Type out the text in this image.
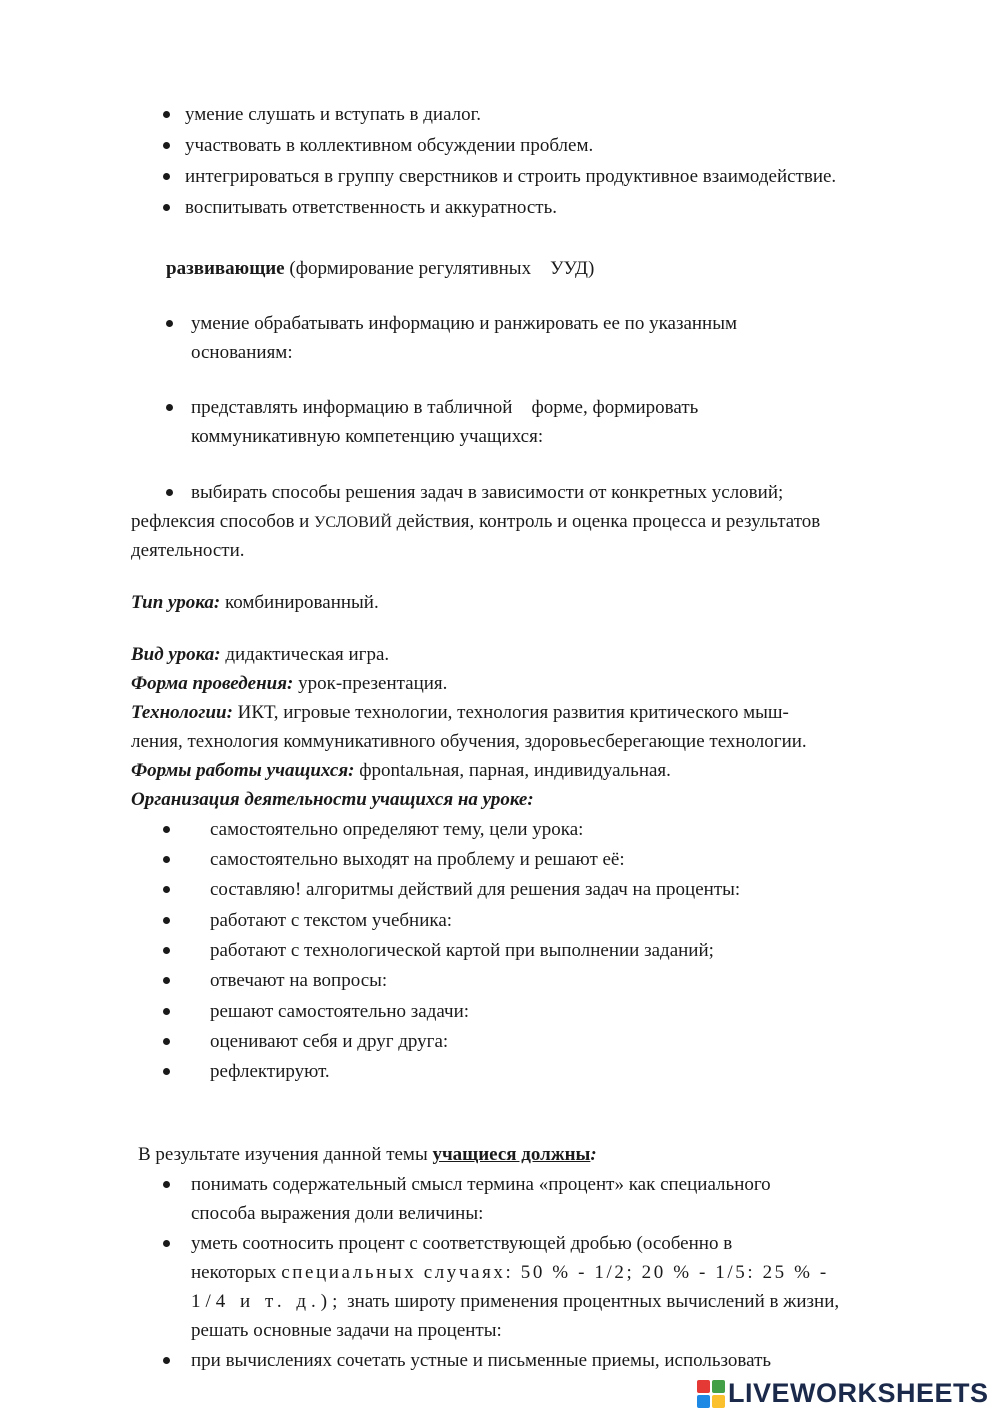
умение слушать и вступать в диалог.
участвовать в коллективном обсуждении проблем.
интегрироваться в группу сверстников и строить продуктивное взаимодействие.
воспитывать ответственность и аккуратность.
развивающие (формирование регулятивных    УУД)
умение обрабатывать информацию и ранжировать ее по указанным
основаниям:
представлять информацию в табличной    форме, формировать
коммуникативную компетенцию учащихся:
выбирать способы решения задач в зависимости от конкретных условий;
рефлексия способов и УСЛОВИЙ действия, контроль и оценка процесса и результатов
деятельности.
Тип урока: комбинированный.
Вид урока: дидактическая игра.
Форма проведения: урок-презентация.
Технологии: ИКТ, игровые технологии, технология развития критического мыш-
ления, технология коммуникативного обучения, здоровьесберегающие технологии.
Формы работы учащихся: фрontальная, парная, индивидуальная.
Организация деятельности учащихся на уроке:
самостоятельно определяют тему, цели урока:
самостоятельно выходят на проблему и решают её:
составляю! алгоритмы действий для решения задач на проценты:
работают с текстом учебника:
работают с технологической картой при выполнении заданий;
отвечают на вопросы:
решают самостоятельно задачи:
оценивают себя и друг друга:
рефлектируют.
В результате изучения данной темы учащиеся должны:
понимать содержательный смысл термина «процент» как специального
способа выражения доли величины:
уметь соотносить процент с соответствующей дробью (особенно в
некоторых специальных случаях: 50 % - 1/2; 20 % - 1/5: 25 % -
1/4 и т. д.); знать широту применения процентных вычислений в жизни,
решать основные задачи на проценты:
при вычислениях сочетать устные и письменные приемы, использовать
LIVEWORKSHEETS
